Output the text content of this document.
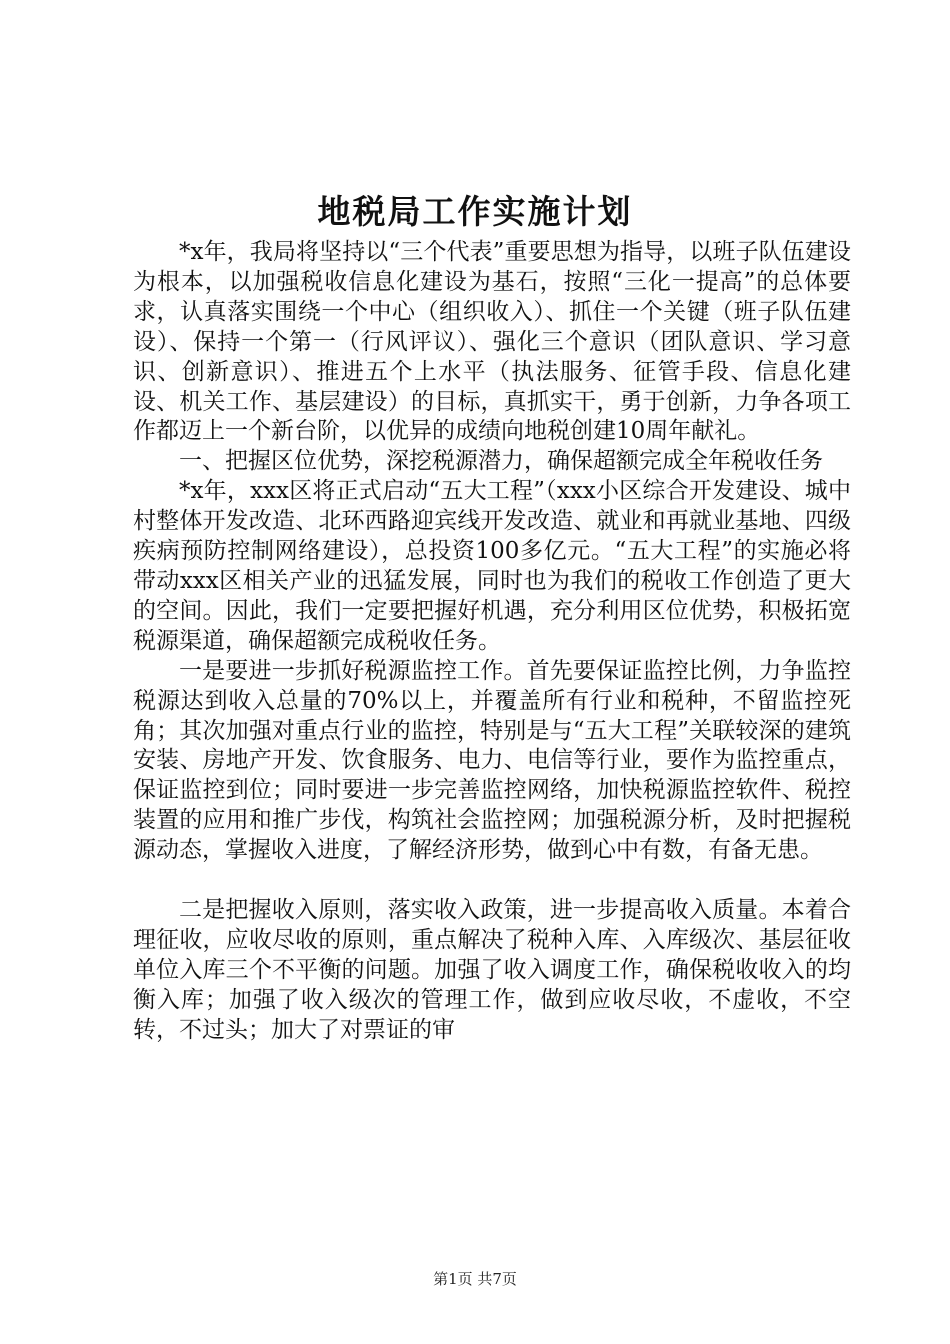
地税局工作实施计划

*x年，我局将坚持以“三个代表”重要思想为指导，以班子队伍建设为根本，以加强税收信息化建设为基石，按照“三化一提高”的总体要求，认真落实围绕一个中心（组织收入）、抓住一个关键（班子队伍建设）、保持一个第一（行风评议）、强化三个意识（团队意识、学习意识、创新意识）、推进五个上水平（执法服务、征管手段、信息化建设、机关工作、基层建设）的目标，真抓实干，勇于创新，力争各项工作都迈上一个新台阶，以优异的成绩向地税创建10周年献礼。

一、把握区位优势，深挖税源潜力，确保超额完成全年税收任务

*x年，xxx区将正式启动“五大工程”（xxx小区综合开发建设、城中村整体开发改造、北环西路迎宾线开发改造、就业和再就业基地、四级疾病预防控制网络建设），总投资100多亿元。“五大工程”的实施必将带动xxx区相关产业的迅猛发展，同时也为我们的税收工作创造了更大的空间。因此，我们一定要把握好机遇，充分利用区位优势，积极拓宽税源渠道，确保超额完成税收任务。

一是要进一步抓好税源监控工作。首先要保证监控比例，力争监控税源达到收入总量的70%以上，并覆盖所有行业和税种，不留监控死角；其次加强对重点行业的监控，特别是与“五大工程”关联较深的建筑安装、房地产开发、饮食服务、电力、电信等行业，要作为监控重点，保证监控到位；同时要进一步完善监控网络，加快税源监控软件、税控装置的应用和推广步伐，构筑社会监控网；加强税源分析，及时把握税源动态，掌握收入进度，了解经济形势，做到心中有数，有备无患。

二是把握收入原则，落实收入政策，进一步提高收入质量。本着合理征收，应收尽收的原则，重点解决了税种入库、入库级次、基层征收单位入库三个不平衡的问题。加强了收入调度工作，确保税收收入的均衡入库；加强了收入级次的管理工作，做到应收尽收，不虚收，不空转，不过头；加大了对票证的审

第1页 共7页
